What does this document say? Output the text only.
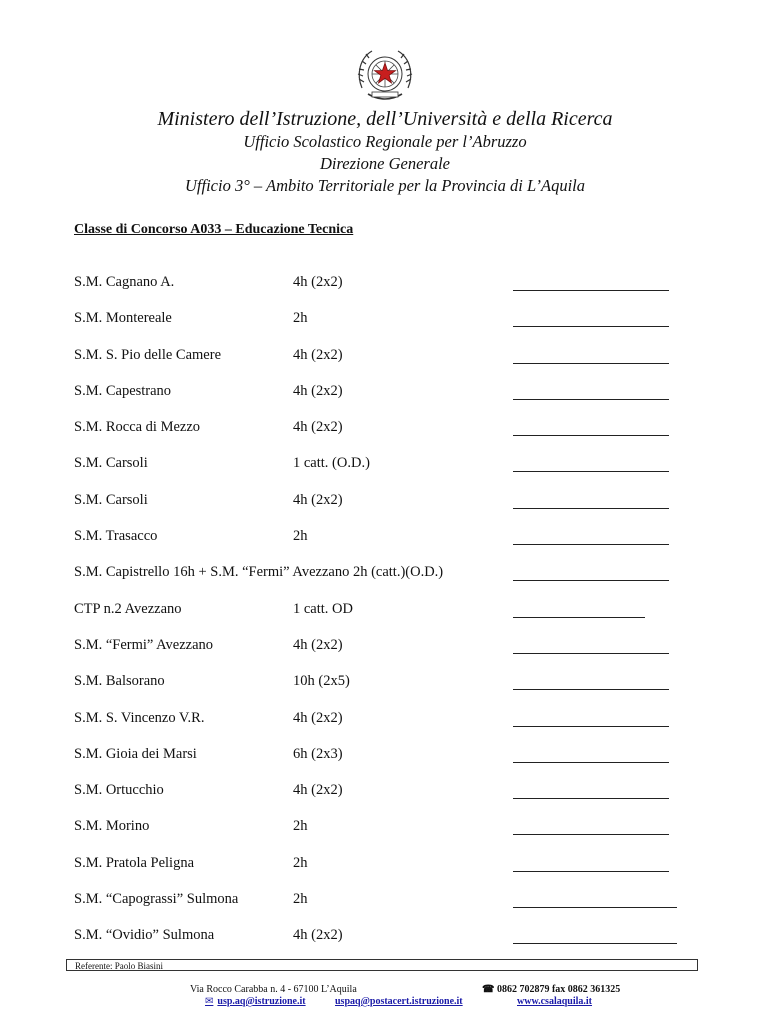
Ministero dell’Istruzione, dell’Università e della Ricerca
Ufficio Scolastico Regionale per l’Abruzzo
Direzione Generale
Ufficio 3° – Ambito Territoriale per la Provincia di L’Aquila
Classe di Concorso A033 – Educazione Tecnica
S.M. Cagnano A.	4h (2x2)
S.M. Montereale	2h
S.M. S. Pio delle Camere	4h (2x2)
S.M. Capestrano	4h (2x2)
S.M. Rocca di Mezzo	4h (2x2)
S.M. Carsoli	1 catt. (O.D.)
S.M. Carsoli	4h (2x2)
S.M. Trasacco	2h
S.M. Capistrello 16h + S.M. “Fermi” Avezzano 2h (catt.)(O.D.)
CTP n.2 Avezzano	1 catt. OD
S.M. “Fermi” Avezzano	4h (2x2)
S.M. Balsorano	10h (2x5)
S.M. S. Vincenzo V.R.	4h (2x2)
S.M. Gioia dei Marsi	6h (2x3)
S.M. Ortucchio	4h (2x2)
S.M. Morino	2h
S.M. Pratola Peligna	2h
S.M. “Capograssi” Sulmona	2h
S.M. “Ovidio” Sulmona	4h (2x2)
Referente: Paolo Biasini
Via Rocco Carabba n. 4 - 67100 L’Aquila	☎ 0862 702879 fax 0862 361325
✉ usp.aq@istruzione.it	uspaq@postacert.istruzione.it	www.csalaquila.it
